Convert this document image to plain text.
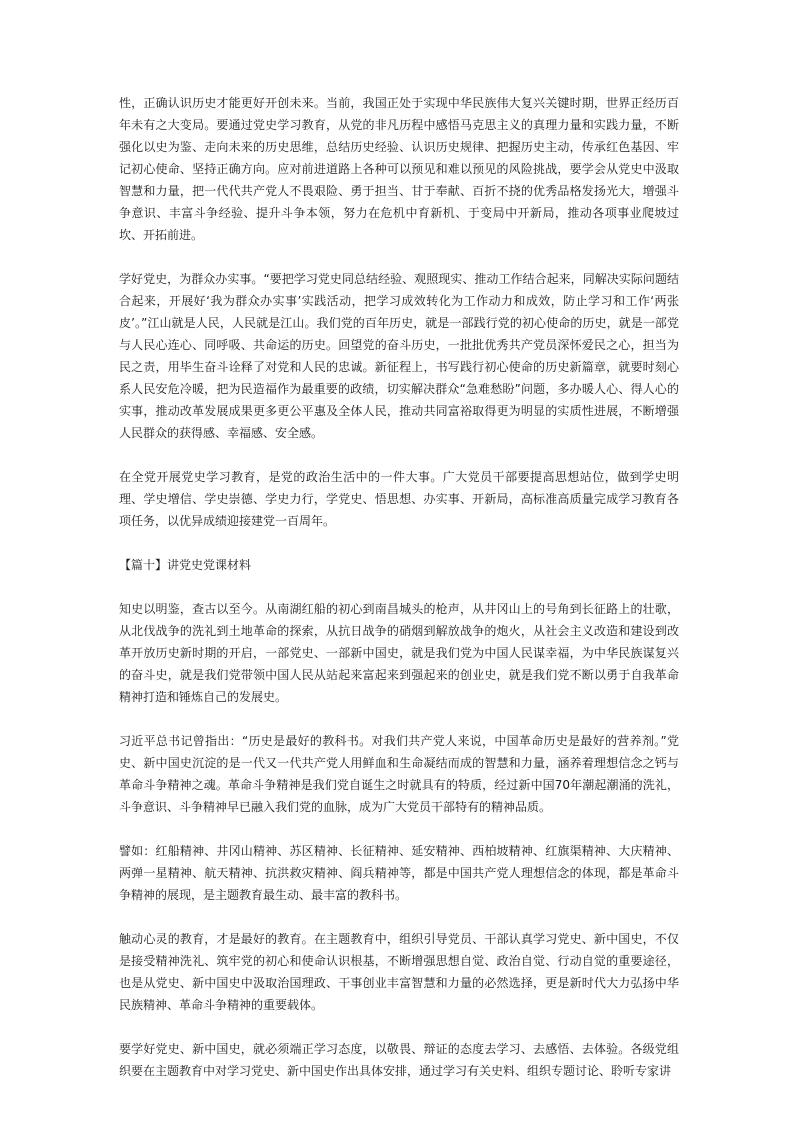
性，正确认识历史才能更好开创未来。当前，我国正处于实现中华民族伟大复兴关键时期，世界正经历百年未有之大变局。要通过党史学习教育，从党的非凡历程中感悟马克思主义的真理力量和实践力量，不断强化以史为鉴、走向未来的历史思维，总结历史经验、认识历史规律、把握历史主动，传承红色基因、牢记初心使命、坚持正确方向。应对前进道路上各种可以预见和难以预见的风险挑战，要学会从党史中汲取智慧和力量，把一代代共产党人不畏艰险、勇于担当、甘于奉献、百折不挠的优秀品格发扬光大，增强斗争意识、丰富斗争经验、提升斗争本领，努力在危机中育新机、于变局中开新局，推动各项事业爬坡过坎、开拓前进。

学好党史，为群众办实事。“要把学习党史同总结经验、观照现实、推动工作结合起来，同解决实际问题结合起来，开展好‘我为群众办实事’实践活动，把学习成效转化为工作动力和成效，防止学习和工作‘两张皮’。”江山就是人民，人民就是江山。我们党的百年历史，就是一部践行党的初心使命的历史，就是一部党与人民心连心、同呼吸、共命运的历史。回望党的奋斗历史，一批批优秀共产党员深怀爱民之心，担当为民之责，用毕生奋斗诠释了对党和人民的忠诚。新征程上，书写践行初心使命的历史新篇章，就要时刻心系人民安危冷暖，把为民造福作为最重要的政绩，切实解决群众“急难愁盼”问题，多办暖人心、得人心的实事，推动改革发展成果更多更公平惠及全体人民，推动共同富裕取得更为明显的实质性进展，不断增强人民群众的获得感、幸福感、安全感。

在全党开展党史学习教育，是党的政治生活中的一件大事。广大党员干部要提高思想站位，做到学史明理、学史增信、学史崇德、学史力行，学党史、悟思想、办实事、开新局，高标准高质量完成学习教育各项任务，以优异成绩迎接建党一百周年。

【篇十】讲党史党课材料

知史以明鉴，查古以至今。从南湖红船的初心到南昌城头的枪声，从井冈山上的号角到长征路上的壮歌，从北伐战争的洗礼到土地革命的探索，从抗日战争的硝烟到解放战争的炮火，从社会主义改造和建设到改革开放历史新时期的开启，一部党史、一部新中国史，就是我们党为中国人民谋幸福，为中华民族谋复兴的奋斗史，就是我们党带领中国人民从站起来富起来到强起来的创业史，就是我们党不断以勇于自我革命精神打造和锤炼自己的发展史。

习近平总书记曾指出：“历史是最好的教科书。对我们共产党人来说，中国革命历史是最好的营养剂。”党史、新中国史沉淀的是一代又一代共产党人用鲜血和生命凝结而成的智慧和力量，涵养着理想信念之钙与革命斗争精神之魂。革命斗争精神是我们党自诞生之时就具有的特质，经过新中国70年潮起潮涌的洗礼，斗争意识、斗争精神早已融入我们党的血脉，成为广大党员干部特有的精神品质。

譬如：红船精神、井冈山精神、苏区精神、长征精神、延安精神、西柏坡精神、红旗渠精神、大庆精神、两弹一星精神、航天精神、抗洪救灾精神、阎兵精神等，都是中国共产党人理想信念的体现，都是革命斗争精神的展现，是主题教育最生动、最丰富的教科书。

触动心灵的教育，才是最好的教育。在主题教育中，组织引导党员、干部认真学习党史、新中国史，不仅是接受精神洗礼、筑牢党的初心和使命认识根基，不断增强思想自觉、政治自觉、行动自觉的重要途径，也是从党史、新中国史中汲取治国理政、干事创业丰富智慧和力量的必然选择，更是新时代大力弘扬中华民族精神、革命斗争精神的重要载体。

要学好党史、新中国史，就必须端正学习态度，以敬畏、辩证的态度去学习、去感悟、去体验。各级党组织要在主题教育中对学习党史、新中国史作出具体安排，通过学习有关史料、组织专题讨论、聆听专家讲
